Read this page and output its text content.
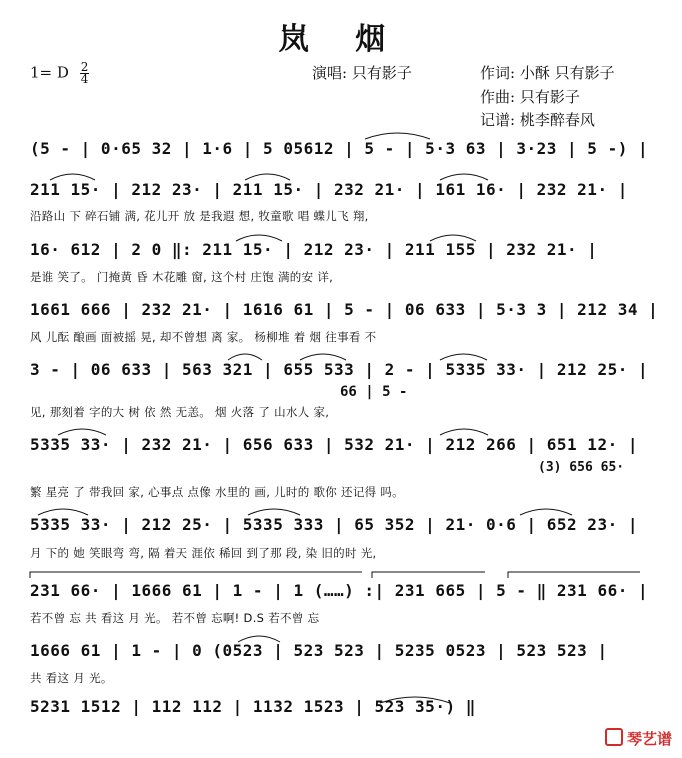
岚 烟
1= D $\frac{2}{4}$	演唱: 只有影子	作词: 小酥 只有影子
作曲: 只有影子
记谱: 桃李醉春风
(5 - | 0·65 32 | 1·6 | 5 05612 | 5 - | 5·3 63 | 3·23 | 5 -) |
211 15· | 212 23· | 211 15· | 232 21· | 161 16· | 232 21· |
沿路山 下 碎石铺 满, 花儿开 放 是我遐 想, 牧童歌 唱 蝶儿飞 翔,
16· 612 | 2 0 ‖: 211 15· | 212 23· | 211 155 | 232 21· |
是谁 笑了。 门掩黄 昏 木花雕 窗, 这个村 庄饱 满的安 详,
1661 666 | 232 21· | 1616 61 | 5 - | 06 633 | 5·3 3 | 212 34 |
风 儿酝 酿画 面被摇 晃, 却不曾想 离 家。 杨柳堆 着 烟 往事看 不
3 - | 06 633 | 563 321 | 655 533 | 2 - | 5335 33· | 212 25· |
66 | 5 -
见, 那刻着 字的大 树 依 然 无恙。 烟 火落 了 山水人 家,
5335 33· | 232 21· | 656 633 | 532 21· | 212 266 | 651 12· |
(3) 656 65·
繁 星亮 了 带我回 家, 心事点 点像 水里的 画, 儿时的 歌你 还记得 吗。
5335 33· | 212 25· | 5335 333 | 65 352 | 21· 0·6 | 652 23· |
月 下的 她 笑眼弯 弯, 隔 着天 涯依 稀回 到了那 段, 染 旧的时 光,
231 66· | 1666 61 | 1 - | 1 (……) :| 231 665 | 5 - ‖ 231 66· |
若不曾 忘 共 看这 月 光。 若不曾 忘啊! D.S 若不曾 忘
1666 61 | 1 - | 0 (0523 | 523 523 | 5235 0523 | 523 523 |
共 看这 月 光。
5231 1512 | 112 112 | 1132 1523 | 523 35·) ‖
琴艺谱
